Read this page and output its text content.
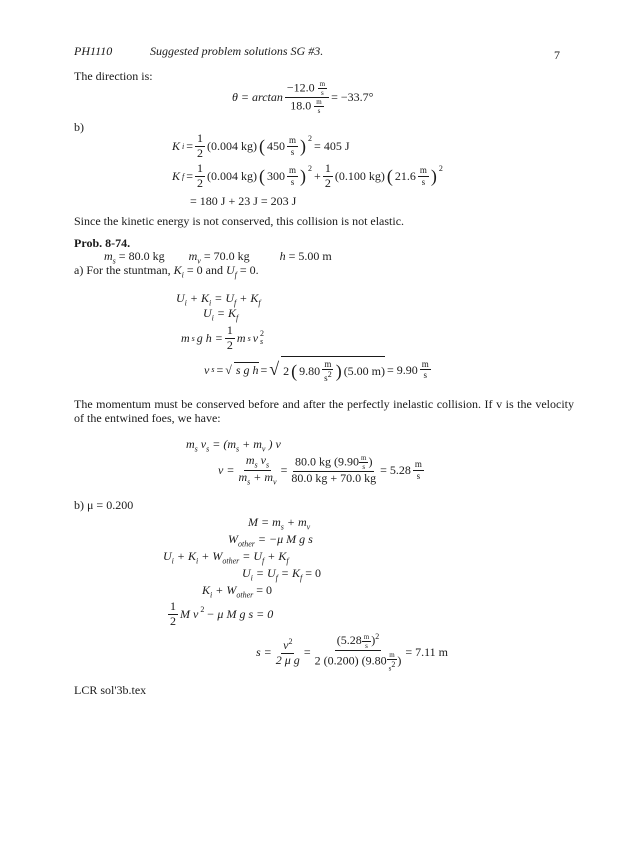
PH1110	Suggested problem solutions SG #3.	7
The direction is:
$\theta = \arctan \frac{-12.0 \frac{m}{s}}{18.0 \frac{m}{s}} = -33.7^\circ$
b)
K $i = \frac{1}{2} (0.004$ kg) ( $450 \frac{m}{s}$ ) $^2$
= 405 J
K $f = \frac{1}{2} (0.004$ kg) ( $300 \frac{m}{s}$ ) $^2$
+ $\frac{1}{2} (0.100$ kg) ( $21.6 \frac{m}{s}$ ) $^2$
= 180 J + 23 J = 203 J
Since the kinetic energy is not conserved, this collision is not elastic.
Prob. 8-74.
$m_s = 80.0$ kg $m_v = 70.0$ kg	h = 5.00 m
a) For the stuntman, $K_i = 0$ and $U_f = 0$.
$U_i + K_i = U_f + K_f$
$U_i = K_f$
m s g $h = \frac{1}{2}$ m s v 2
s
v s = √ s g h = √ 2 ( $9.80 \frac{m}{s^2}$ ) (5.00 $m) = 9.90 \frac{m}{s}$
The momentum must be conserved before and after the perfectly inelastic collision. If v is the velocity of the entwined foes, we have:
$m_s$ $v_s = (m_s + m_v$ ) v
$v = \frac{m_s v_s}{m_s + m_v} = \frac{80.0 kg (9.90 \frac{m}{s} )}{80.0 kg + 70.0 kg} = 5.28 \frac{m}{s}$
b) μ = 0.200
$M = m_s + m_v$
$W_{other} = -\mu$ M g s
$U_i + K_i + W_{other} = U_f + K_f$
$U_i = U_f = K_f = 0$
$K_i + W_{other} = 0$
$\frac{1}{2}$ M v $^2$ − μ M g s = 0
$s = \frac{v^2}{\text{2 μ g}} = \frac{(5.28 \frac{m}{s} )^2}{2 (0.200) (9.80 \frac{m}{s^2} )} = 7.11$ m
LCR sol'3b.tex
